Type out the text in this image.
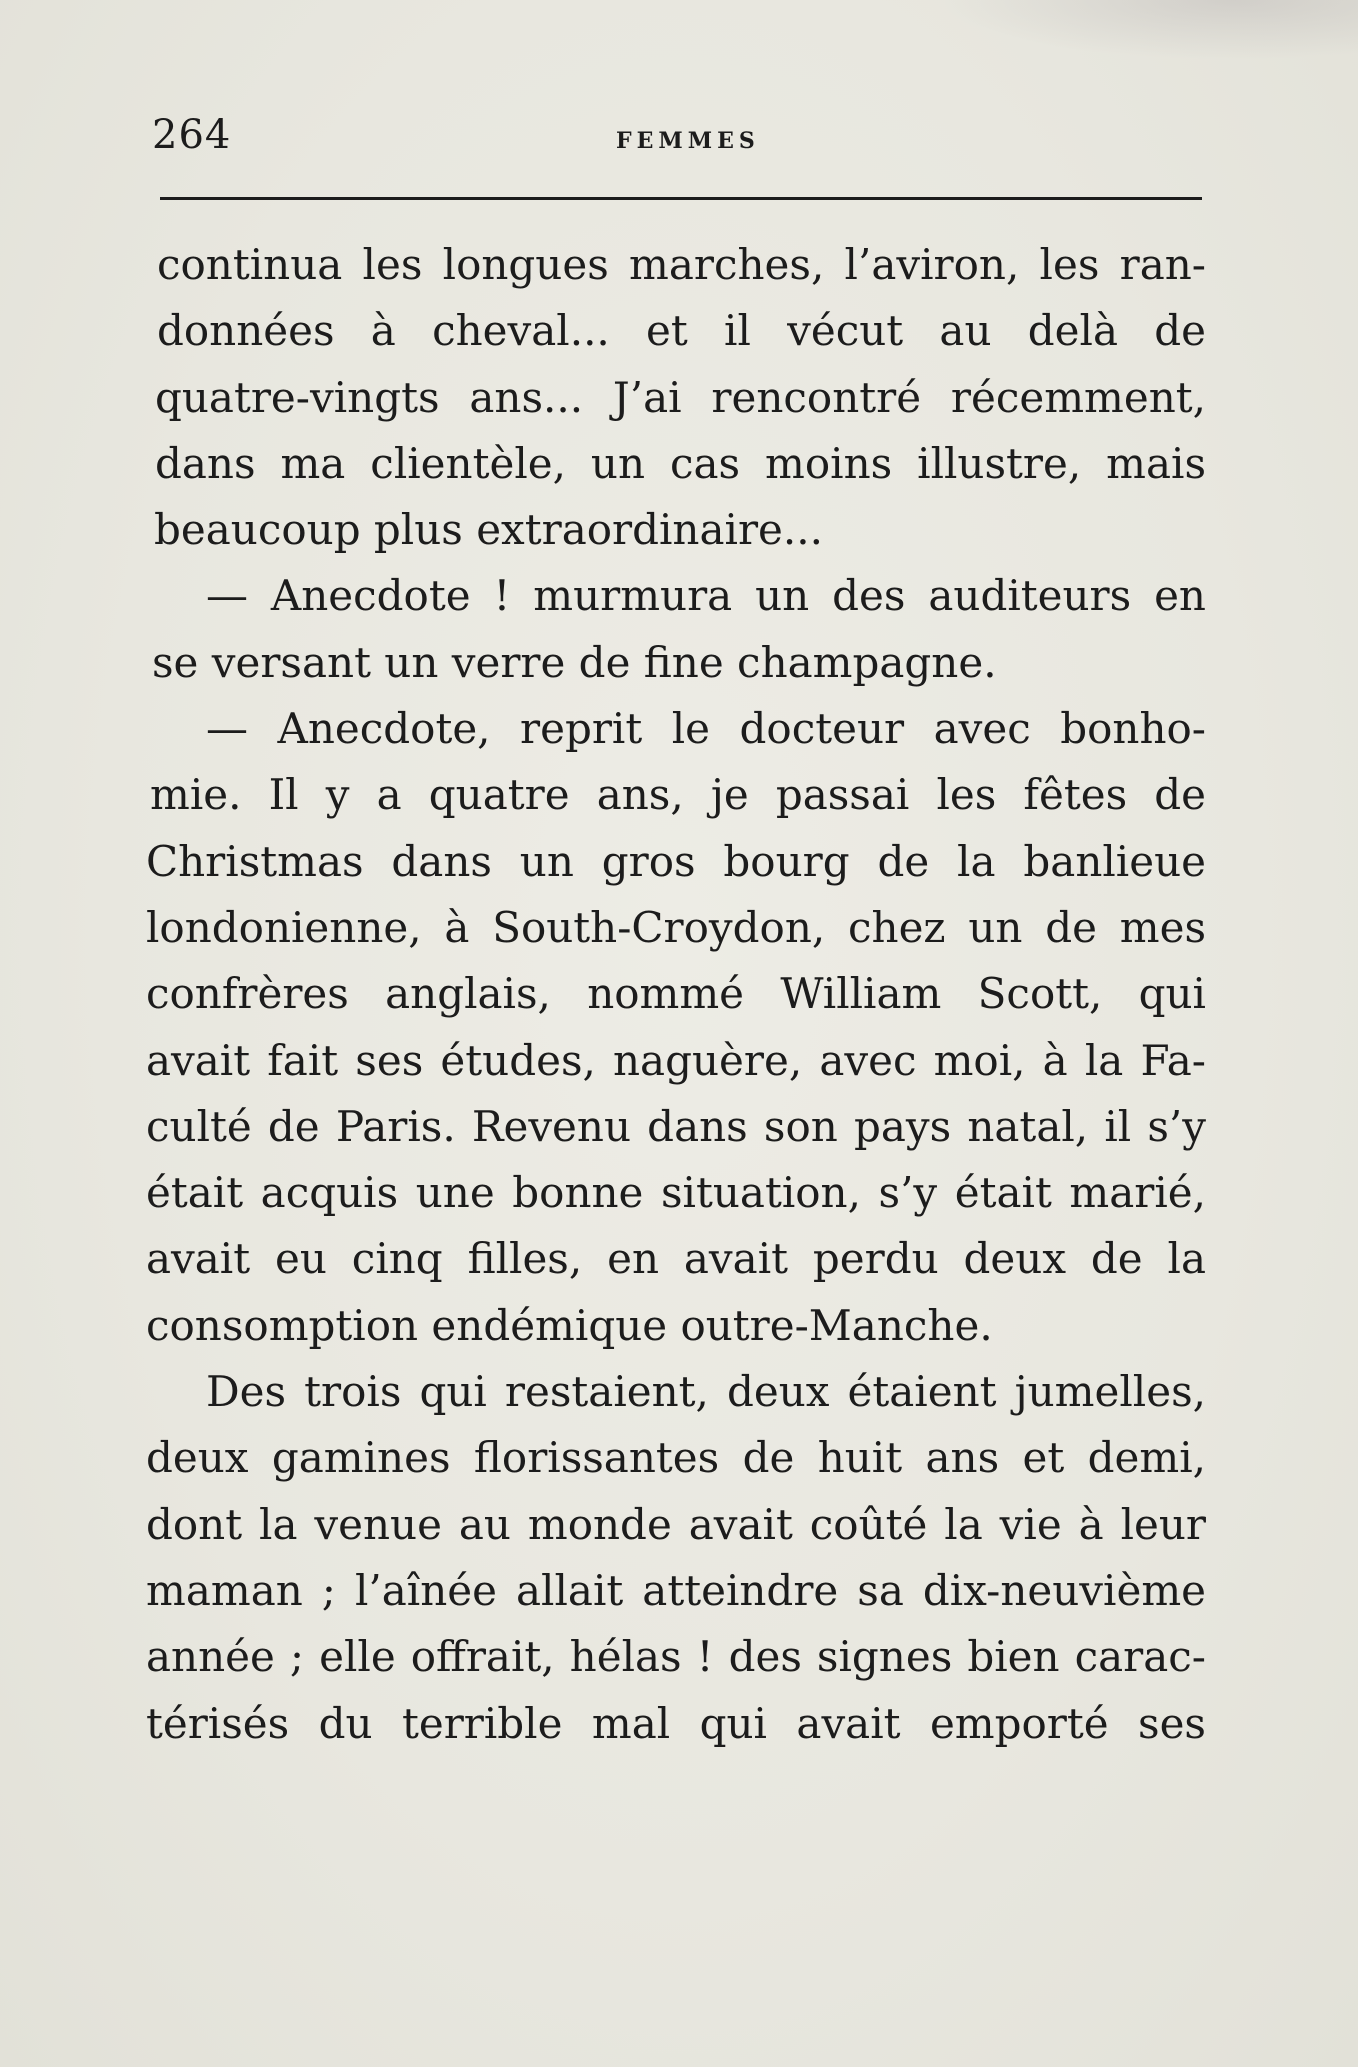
264	FEMMES
continua les longues marches, l’aviron, les ran-
données à cheval... et il vécut au delà de
quatre-vingts ans... J’ai rencontré récemment,
dans ma clientèle, un cas moins illustre, mais
beaucoup plus extraordinaire...
— Anecdote ! murmura un des auditeurs en
se versant un verre de fine champagne.
— Anecdote, reprit le docteur avec bonho-
mie. Il y a quatre ans, je passai les fêtes de
Christmas dans un gros bourg de la banlieue
londonienne, à South-Croydon, chez un de mes
confrères anglais, nommé William Scott, qui
avait fait ses études, naguère, avec moi, à la Fa-
culté de Paris. Revenu dans son pays natal, il s’y
était acquis une bonne situation, s’y était marié,
avait eu cinq filles, en avait perdu deux de la
consomption endémique outre-Manche.
Des trois qui restaient, deux étaient jumelles,
deux gamines florissantes de huit ans et demi,
dont la venue au monde avait coûté la vie à leur
maman ; l’aînée allait atteindre sa dix-neuvième
année ; elle offrait, hélas ! des signes bien carac-
térisés du terrible mal qui avait emporté ses
